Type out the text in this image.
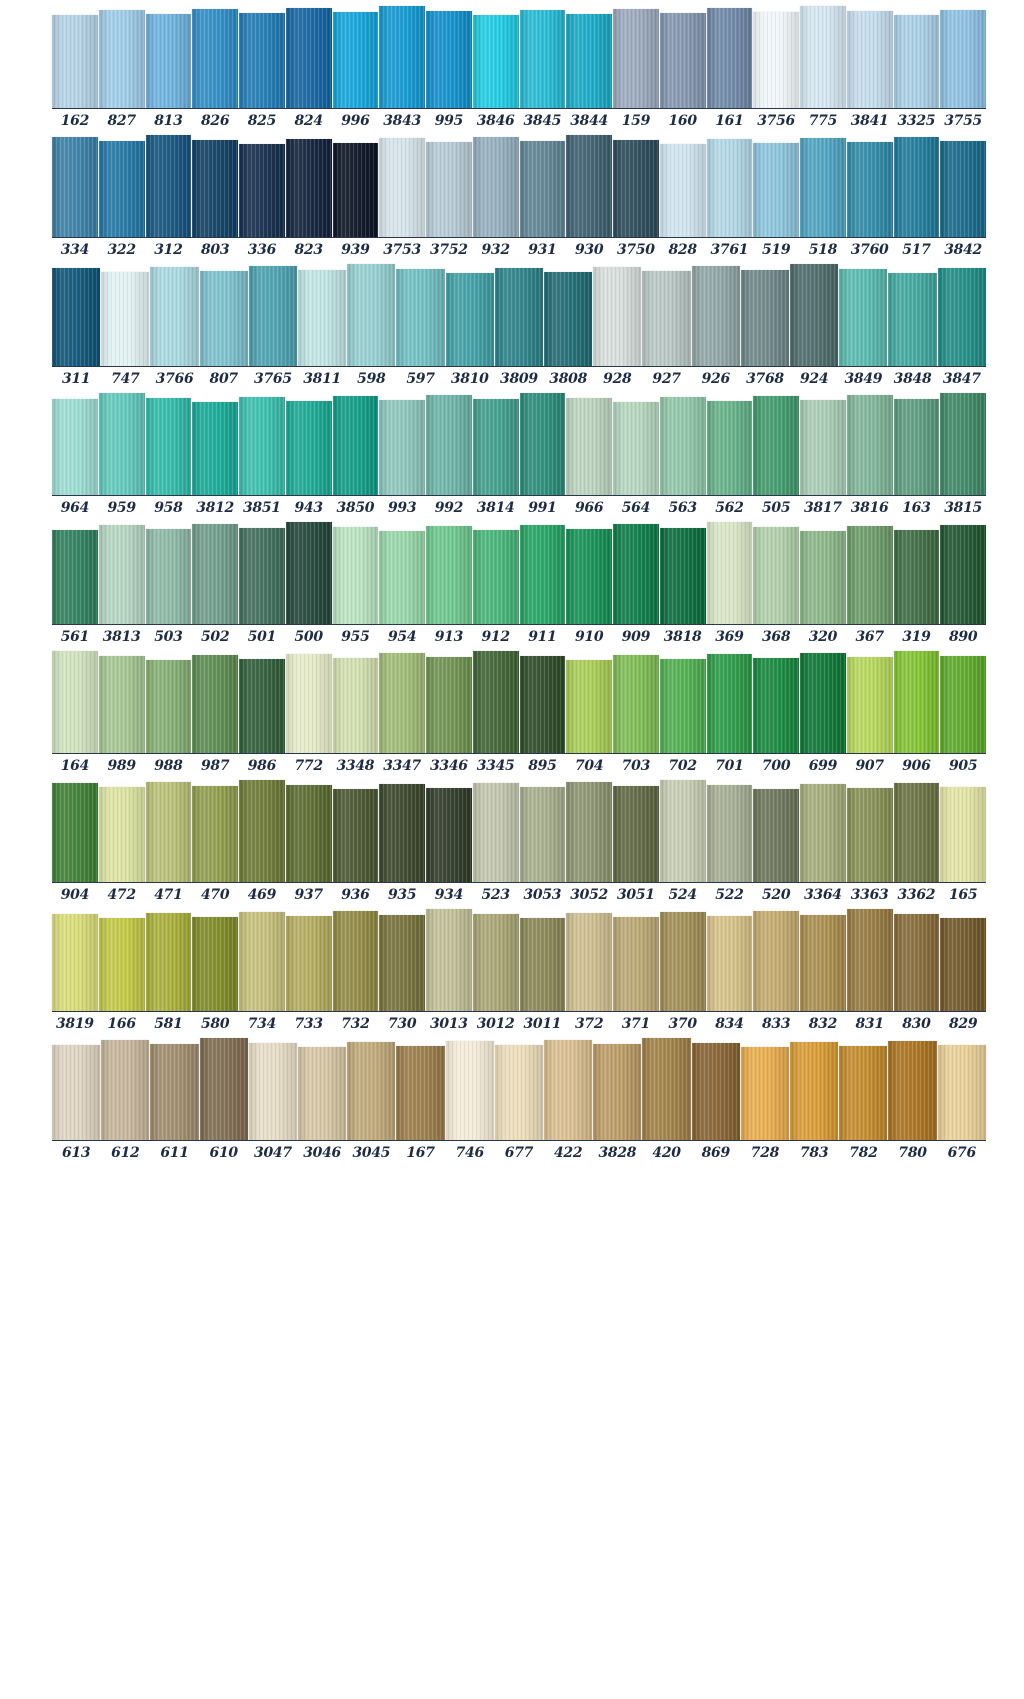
162	827	813	826	825	824	996 3843 995 3846 3845 3844 159	160	161 3756 775 3841 3325 3755
334	322	312	803	336	823	939 3753 3752 932	931	930 3750 828 3761 519	518 3760 517 3842
311	747	3766	807	3765 3811	598	597	3810 3809 3808	928	927	926	3768	924	3849 3848 3847
964	959	958 3812 3851 943 3850 993	992 3814 991	966	564	563	562	505 3817 3816 163 3815
561 3813 503	502	501	500	955	954	913	912	911	910	909 3818 369	368	320	367	319	890
164	989	988	987	986	772 3348 3347 3346 3345 895	704	703	702	701	700	699	907	906	905
904	472	471	470	469	937	936	935	934	523 3053 3052 3051 524	522	520 3364 3363 3362 165
3819 166	581	580	734	733	732	730 3013 3012 3011 372	371	370	834	833	832	831	830	829
613	612	611	610	3047 3046 3045	167	746	677	422	3828	420	869	728	783	782	780	676
